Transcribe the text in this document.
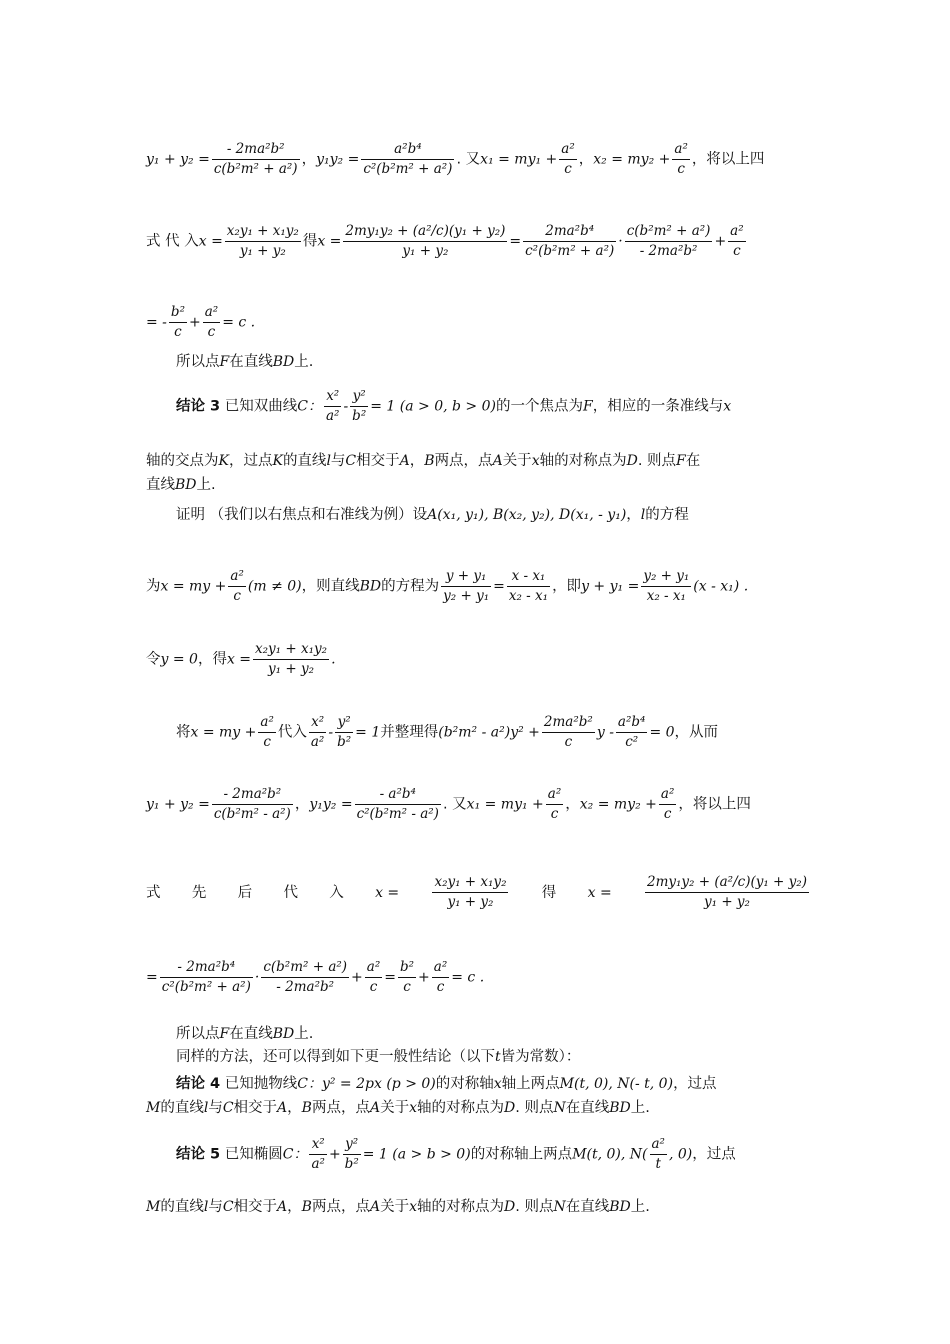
$y_1 + y_2 = \frac{\text{- 2ma²b²}}{\text{c(b²m² + a²)}}$ ，$y_1y_2 = \frac{\text{a²b⁴}}{\text{c²(b²m² + a²)}}$ . 又$x_1 = my_1 + \frac{\text{a²}}{c}$ ，$x_2 = my_2 + \frac{\text{a²}}{c}$ ，将以上四
式 代 入$x = \frac{\text{x₂y₁ + x₁y₂}}{\text{y₁ + y₂}}$ 得$x = \frac{\text{2my₁y₂ + (a²/c)(y₁ + y₂)}}{\text{y₁ + y₂}} = \frac{\text{2ma²b⁴}}{\text{c²(b²m² + a²)}} \cdot \frac{\text{c(b²m² + a²)}}{\text{- 2ma²b²}} + \frac{\text{a²}}{c}$
= - $\frac{\text{b²}}{c} + \frac{\text{a²}}{c} = c$ .
所以点F在直线BD上.
结论 3 已知双曲线C： $\frac{\text{x²}}{\text{a²}} - \frac{\text{y²}}{\text{b²}} = 1$ (a > 0, b > 0)的一个焦点为F，相应的一条准线与x
轴的交点为K，过点K的直线l与C相交于A，B两点，点A关于x轴的对称点为D. 则点F在
直线BD上.
证明 （我们以右焦点和右准线为例）设A(x₁, y₁), B(x₂, y₂), D(x₁, - y₁)，l的方程
为x = my + $\frac{\text{a²}}{c} (m \ne 0)$，则直线BD的方程为 $\frac{\text{y + y₁}}{\text{y₂ + y₁}} = \frac{\text{x - x₁}}{\text{x₂ - x₁}}$ ，即$y + y_1 = \frac{\text{y₂ + y₁}}{\text{x₂ - x₁}} (x - x_1)$ .
令y = 0，得$x = \frac{\text{x₂y₁ + x₁y₂}}{\text{y₁ + y₂}}$ .
将x = my + $\frac{\text{a²}}{c}$ 代入 $\frac{\text{x²}}{\text{a²}} - \frac{\text{y²}}{\text{b²}} = 1$并整理得$(b^2m^2 - a^2)y^2 + \frac{\text{2ma²b²}}{c}$ $y - \frac{\text{a²b⁴}}{\text{c²}} = 0$，从而
$y_1 + y_2 = \frac{\text{- 2ma²b²}}{\text{c(b²m² - a²)}}$ ，$y_1y_2 = \frac{\text{- a²b⁴}}{\text{c²(b²m² - a²)}}$ . 又$x_1 = my_1 + \frac{\text{a²}}{c}$ ，$x_2 = my_2 + \frac{\text{a²}}{c}$ ，将以上四
式 先 后 代 入 $x = \frac{\text{x₂y₁ + x₁y₂}}{\text{y₁ + y₂}}$ 得 $x = \frac{\text{2my₁y₂ + (a²/c)(y₁ + y₂)}}{\text{y₁ + y₂}}$
= $\frac{\text{- 2ma²b⁴}}{\text{c²(b²m² + a²)}} \cdot \frac{\text{c(b²m² + a²)}}{\text{- 2ma²b²}} + \frac{\text{a²}}{c} = \frac{\text{b²}}{c} + \frac{\text{a²}}{c} = c$ .
所以点F在直线BD上.
同样的方法，还可以得到如下更一般性结论（以下t皆为常数）：
结论 4 已知抛物线C：y² = 2px (p > 0)的对称轴x轴上两点M(t, 0), N(- t, 0)，过点
M的直线l与C相交于A，B两点，点A关于x轴的对称点为D. 则点N在直线BD上.
结论 5 已知椭圆C： $\frac{\text{x²}}{\text{a²}} + \frac{\text{y²}}{\text{b²}} = 1$ (a > b > 0)的对称轴上两点M(t, 0), $N( \frac{\text{a²}}{t}$ , 0)，过点
M的直线l与C相交于A，B两点，点A关于x轴的对称点为D. 则点N在直线BD上.
